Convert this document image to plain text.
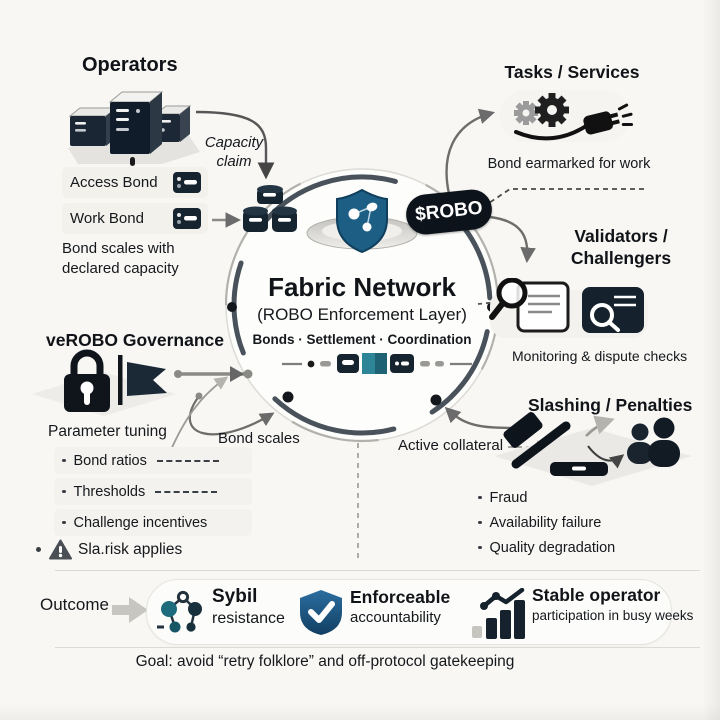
Operators
Capacity claim
Access Bond
Work Bond
Bond scales with declared capacity
Tasks / Services
Bond earmarked for work
$ROBO
Fabric Network
(ROBO Enforcement Layer)
Bonds · Settlement · Coordination
Validators /
Challengers
Monitoring & dispute checks
Slashing / Penalties
Fraud
Availability failure
Quality degradation
veROBO Governance
Parameter tuning
Bond ratios
Thresholds
Challenge incentives
Sla.risk applies
Bond scales	Active collateral
Outcome	Sybil
resistance
Enforceable
accountability
Stable operator
participation in busy weeks
Goal: avoid “retry folklore” and off-protocol gatekeeping
